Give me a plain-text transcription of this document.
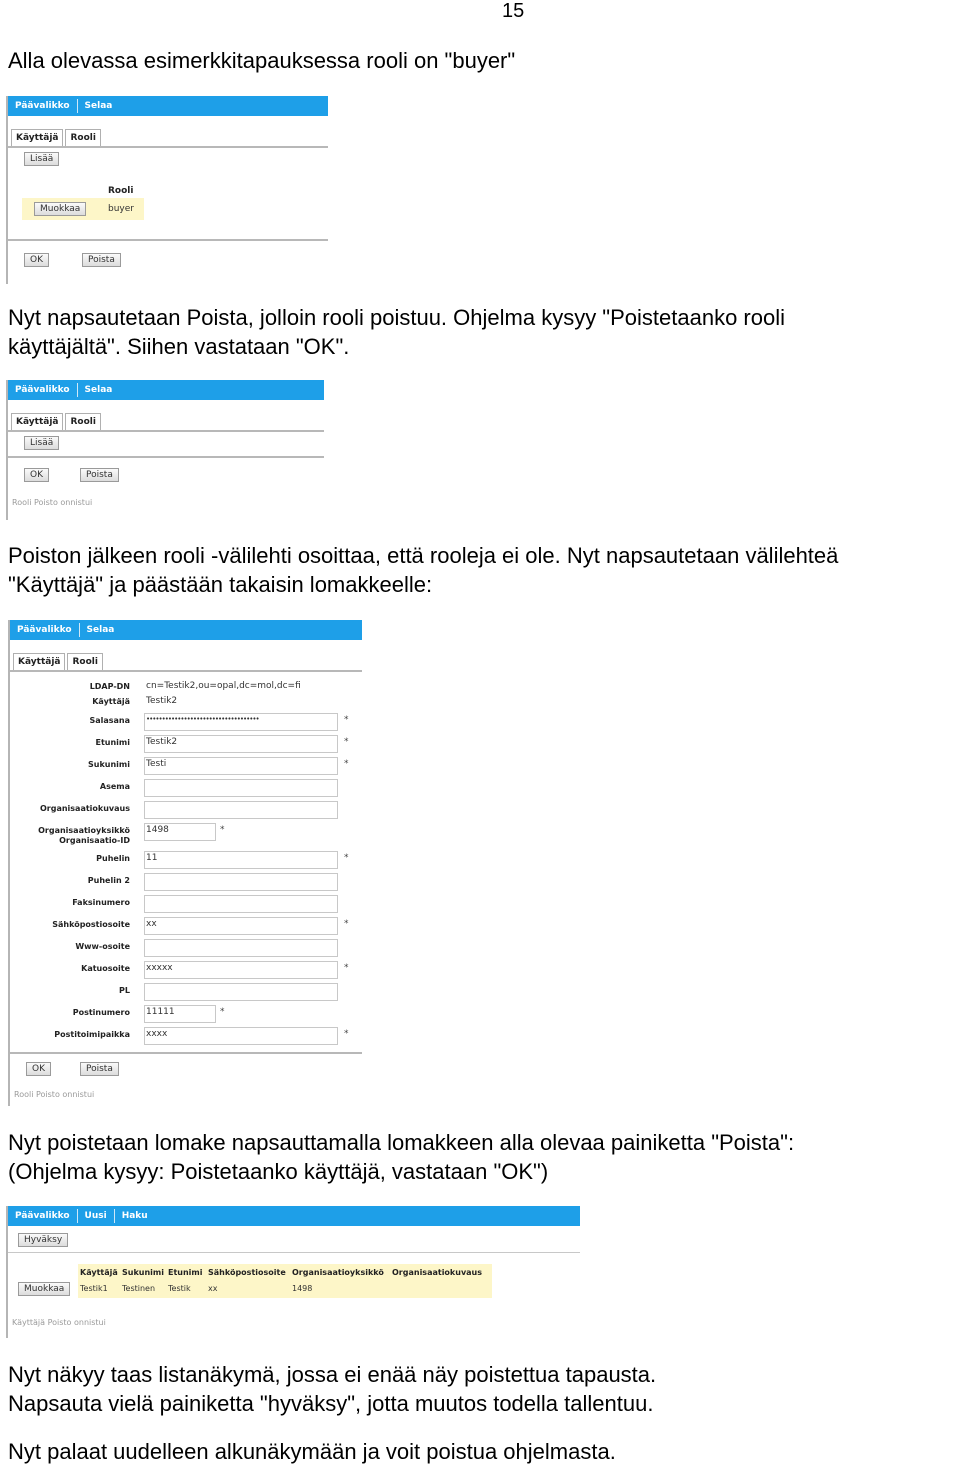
15
Alla olevassa esimerkkitapauksessa rooli on "buyer"
Päävalikko	Selaa
Käyttäjä	Rooli
Lisää
Rooli
Muokkaa	buyer
OK	Poista
Nyt napsautetaan Poista, jolloin rooli poistuu. Ohjelma kysyy "Poistetaanko rooli
käyttäjältä". Siihen vastataan "OK".
Päävalikko	Selaa
Käyttäjä	Rooli
Lisää
OK	Poista
Rooli Poisto onnistui
Poiston jälkeen rooli -välilehti osoittaa, että rooleja ei ole. Nyt napsautetaan välilehteä
"Käyttäjä" ja päästään takaisin lomakkeelle:
Päävalikko	Selaa
Käyttäjä	Rooli
LDAP-DN cn=Testik2,ou=opal,dc=mol,dc=fi
Käyttäjä Testik2
Salasana ••••••••••••••••••••••••••••••••••••	*
Etunimi Testik2	*
Sukunimi Testi	*
Asema
Organisaatiokuvaus
Organisaatioyksikkö 1498	*
Organisaatio-ID
Puhelin 11	*
Puhelin 2
Faksinumero
Sähköpostiosoite xx	*
Www-osoite
Katuosoite xxxxx	*
PL
Postinumero 11111	*
Postitoimipaikka xxxx	*
OK	Poista
Rooli Poisto onnistui
Nyt poistetaan lomake napsauttamalla lomakkeen alla olevaa painiketta "Poista":
(Ohjelma kysyy: Poistetaanko käyttäjä, vastataan "OK")
Päävalikko	Uusi	Haku
Hyväksy
Käyttäjä Sukunimi Etunimi Sähköpostiosoite Organisaatioyksikkö Organisaatiokuvaus
Muokkaa	Testik1 Testinen Testik xx	1498
Käyttäjä Poisto onnistui
Nyt näkyy taas listanäkymä, jossa ei enää näy poistettua tapausta.
Napsauta vielä painiketta "hyväksy", jotta muutos todella tallentuu.
Nyt palaat uudelleen alkunäkymään ja voit poistua ohjelmasta.
